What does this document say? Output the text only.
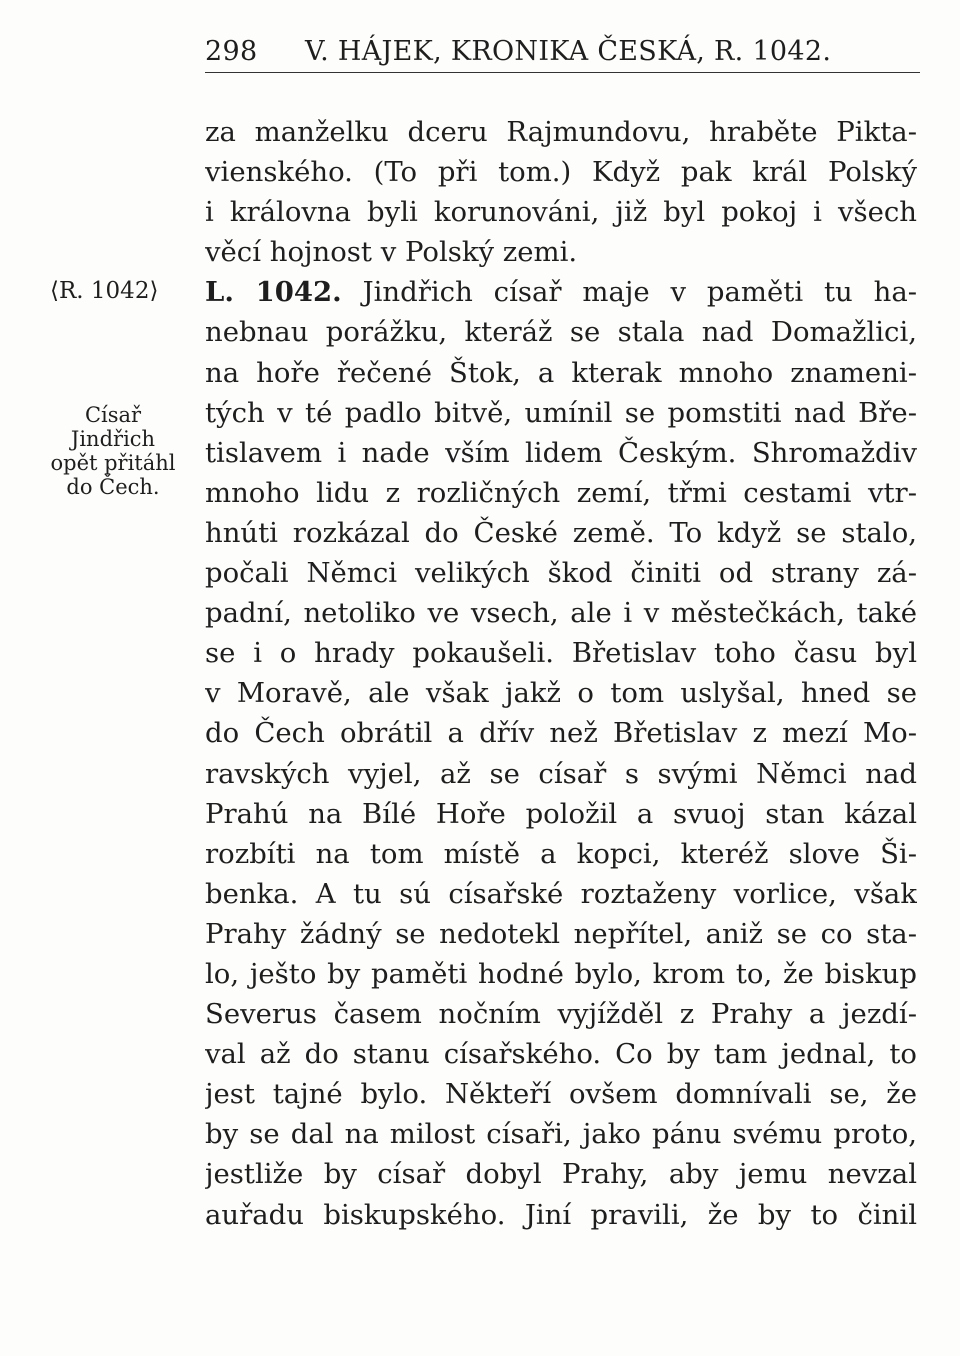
298 V. HÁJEK, KRONIKA ČESKÁ, R. 1042.
⟨R. 1042⟩
Císař
Jindřich
opět přitáhl
do Čech.
za manželku dceru Rajmundovu, hraběte Pikta-
vienského. (To při tom.) Když pak král Polský
i královna byli korunováni, již byl pokoj i všech
věcí hojnost v Polský zemi.
L. 1042. Jindřich císař maje v paměti tu ha-
nebnau porážku, kteráž se stala nad Domažlici,
na hoře řečené Štok, a kterak mnoho znameni-
tých v té padlo bitvě, umínil se pomstiti nad Bře-
tislavem i nade vším lidem Českým. Shromaždiv
mnoho lidu z rozličných zemí, třmi cestami vtr-
hnúti rozkázal do České země. To když se stalo,
počali Němci velikých škod činiti od strany zá-
padní, netoliko ve vsech, ale i v městečkách, také
se i o hrady pokaušeli. Břetislav toho času byl
v Moravě, ale však jakž o tom uslyšal, hned se
do Čech obrátil a dřív než Břetislav z mezí Mo-
ravských vyjel, až se císař s svými Němci nad
Prahú na Bílé Hoře položil a svuoj stan kázal
rozbíti na tom místě a kopci, kteréž slove Ši-
benka. A tu sú císařské roztaženy vorlice, však
Prahy žádný se nedotekl nepřítel, aniž se co sta-
lo, ješto by paměti hodné bylo, krom to, že biskup
Severus časem nočním vyjížděl z Prahy a jezdí-
val až do stanu císařského. Co by tam jednal, to
jest tajné bylo. Někteří ovšem domnívali se, že
by se dal na milost císaři, jako pánu svému proto,
jestliže by císař dobyl Prahy, aby jemu nevzal
auřadu biskupského. Jiní pravili, že by to činil
